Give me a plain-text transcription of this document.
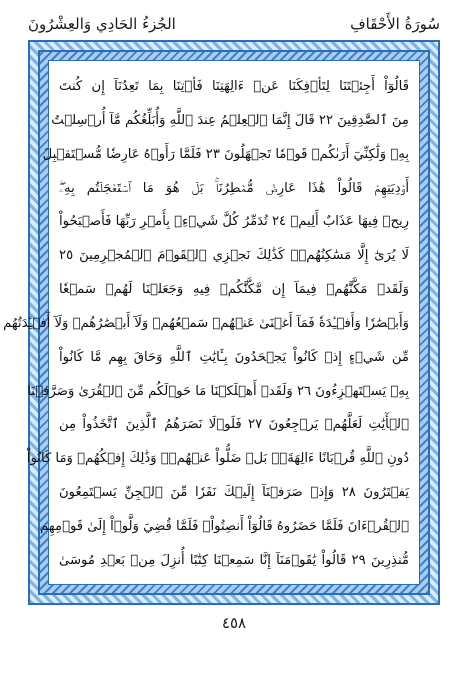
سُورَةُ الأَحْقَافِ
الجُزءُ الحَادِي وَالعِشْرُونَ
قَالُوٓاْ أَجِئۡتَنَا لِتَأۡفِكَنَا عَنۡ ءَالِهَتِنَا فَأۡتِنَا بِمَا تَعِدُنَآ إِن كُنتَ
مِنَ ٱلصَّٰدِقِينَ ٢٢ قَالَ إِنَّمَا ٱلۡعِلۡمُ عِندَ ٱللَّهِ وَأُبَلِّغُكُم مَّآ أُرۡسِلۡتُ
بِهِۦ وَلَٰكِنِّيٓ أَرَىٰكُمۡ قَوۡمٗا تَجۡهَلُونَ ٢٣ فَلَمَّا رَأَوۡهُ عَارِضٗا مُّسۡتَقۡبِلَ
أَوۡدِيَتِهِمۡ قَالُواْ هَٰذَا عَارِضٞ مُّمۡطِرُنَاۚ بَلۡ هُوَ مَا ٱسۡتَعۡجَلۡتُم بِهِۦۖ
رِيحٞ فِيهَا عَذَابٌ أَلِيمٞ ٢٤ تُدَمِّرُ كُلَّ شَيۡءِۭ بِأَمۡرِ رَبِّهَا فَأَصۡبَحُواْ
لَا يُرَىٰٓ إِلَّا مَسَٰكِنُهُمۡۚ كَذَٰلِكَ نَجۡزِي ٱلۡقَوۡمَ ٱلۡمُجۡرِمِينَ ٢٥
وَلَقَدۡ مَكَّنَّٰهُمۡ فِيمَآ إِن مَّكَّنَّٰكُمۡ فِيهِ وَجَعَلۡنَا لَهُمۡ سَمۡعٗا
وَأَبۡصَٰرٗا وَأَفۡـِٔدَةٗ فَمَآ أَغۡنَىٰ عَنۡهُمۡ سَمۡعُهُمۡ وَلَآ أَبۡصَٰرُهُمۡ وَلَآ أَفۡـِٔدَتُهُم
مِّن شَيۡءٍ إِذۡ كَانُواْ يَجۡحَدُونَ بِـَٔايَٰتِ ٱللَّهِ وَحَاقَ بِهِم مَّا كَانُواْ
بِهِۦ يَسۡتَهۡزِءُونَ ٢٦ وَلَقَدۡ أَهۡلَكۡنَا مَا حَوۡلَكُم مِّنَ ٱلۡقُرَىٰ وَصَرَّفۡنَا
ٱلۡأٓيَٰتِ لَعَلَّهُمۡ يَرۡجِعُونَ ٢٧ فَلَوۡلَا نَصَرَهُمُ ٱلَّذِينَ ٱتَّخَذُواْ مِن
دُونِ ٱللَّهِ قُرۡبَانًا ءَالِهَةَۢۖ بَلۡ ضَلُّواْ عَنۡهُمۡۚ وَذَٰلِكَ إِفۡكُهُمۡ وَمَا كَانُواْ
يَفۡتَرُونَ ٢٨ وَإِذۡ صَرَفۡنَآ إِلَيۡكَ نَفَرٗا مِّنَ ٱلۡجِنِّ يَسۡتَمِعُونَ
ٱلۡقُرۡءَانَ فَلَمَّا حَضَرُوهُ قَالُوٓاْ أَنصِتُواْۖ فَلَمَّا قُضِيَ وَلَّوۡاْ إِلَىٰ قَوۡمِهِم
مُّنذِرِينَ ٢٩ قَالُواْ يَٰقَوۡمَنَآ إِنَّا سَمِعۡنَا كِتَٰبًا أُنزِلَ مِنۢ بَعۡدِ مُوسَىٰ
٤٥٨
